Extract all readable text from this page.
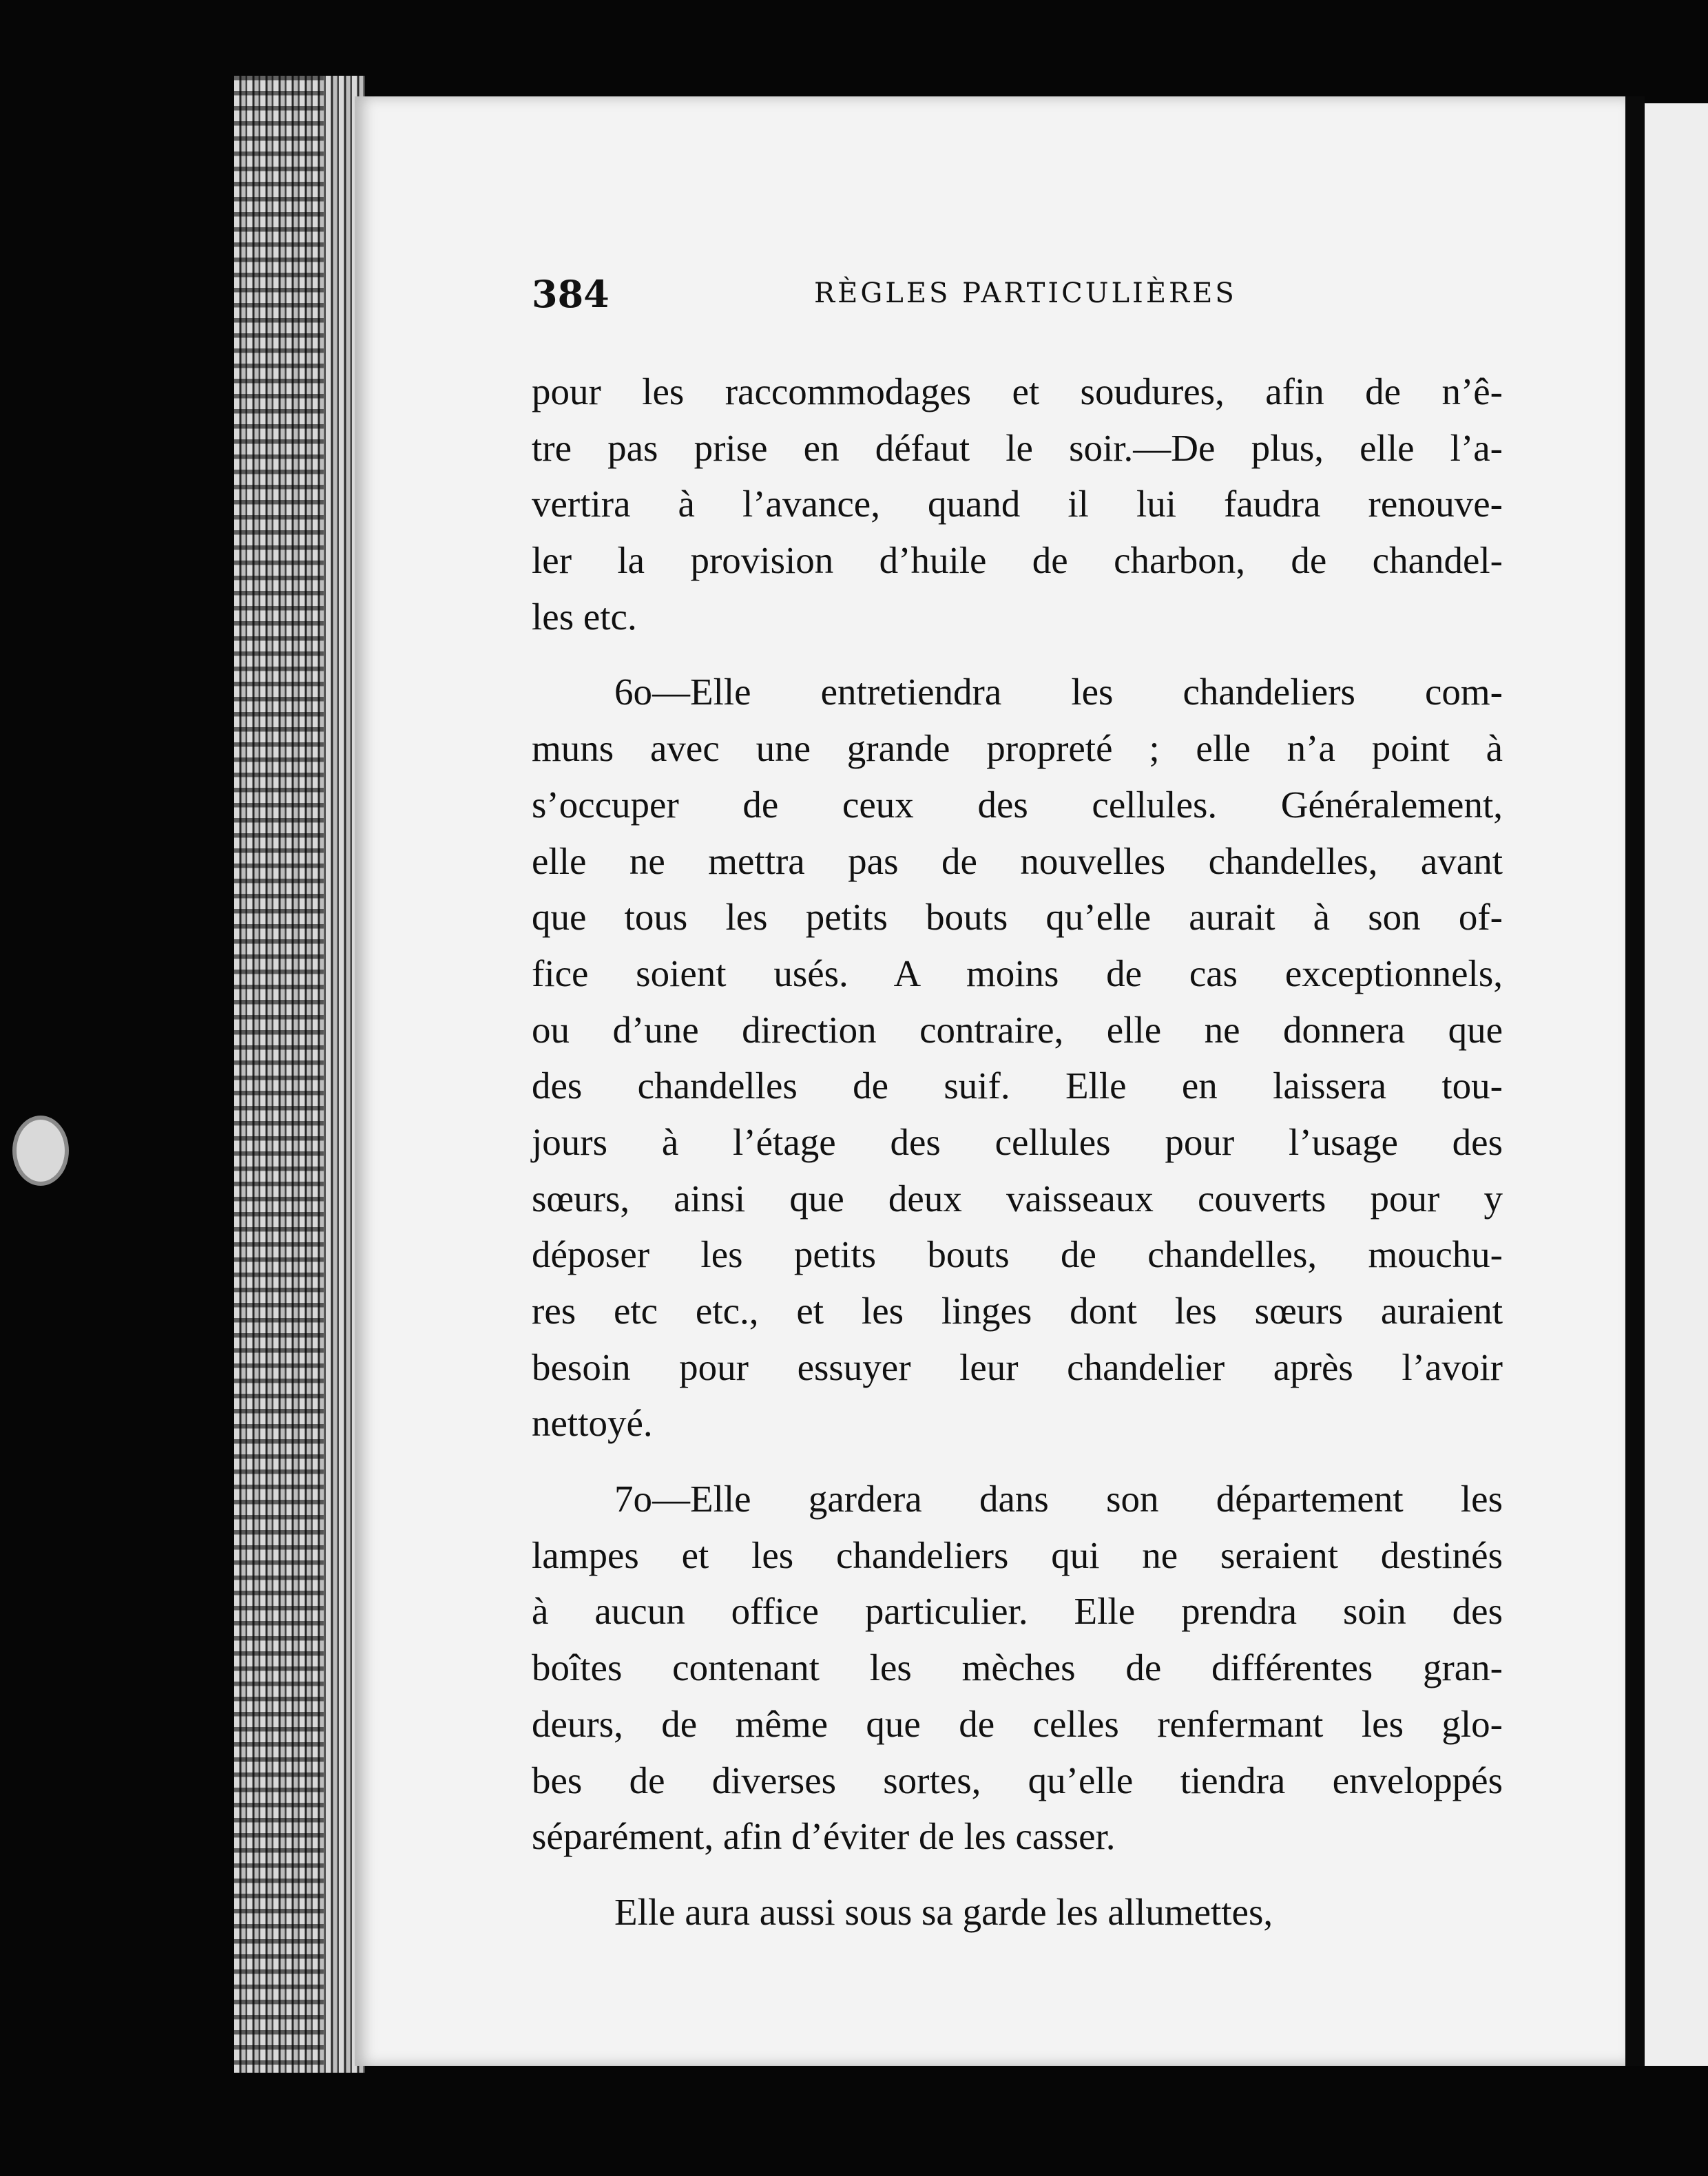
384	RÈGLES PARTICULIÈRES
pour les raccommodages et soudures, afin de n’ê-
tre pas prise en défaut le soir.—De plus, elle l’a-
vertira à l’avance, quand il lui faudra renouve-
ler la provision d’huile de charbon, de chandel-
les etc.
6o—Elle entretiendra les chandeliers com-
muns avec une grande propreté ; elle n’a point à
s’occuper de ceux des cellules. Généralement,
elle ne mettra pas de nouvelles chandelles, avant
que tous les petits bouts qu’elle aurait à son of-
fice soient usés. A moins de cas exceptionnels,
ou d’une direction contraire, elle ne donnera que
des chandelles de suif. Elle en laissera tou-
jours à l’étage des cellules pour l’usage des
sœurs, ainsi que deux vaisseaux couverts pour y
déposer les petits bouts de chandelles, mouchu-
res etc etc., et les linges dont les sœurs auraient
besoin pour essuyer leur chandelier après l’avoir
nettoyé.
7o—Elle gardera dans son département les
lampes et les chandeliers qui ne seraient destinés
à aucun office particulier. Elle prendra soin des
boîtes contenant les mèches de différentes gran-
deurs, de même que de celles renfermant les glo-
bes de diverses sortes, qu’elle tiendra enveloppés
séparément, afin d’éviter de les casser.
Elle aura aussi sous sa garde les allumettes,
